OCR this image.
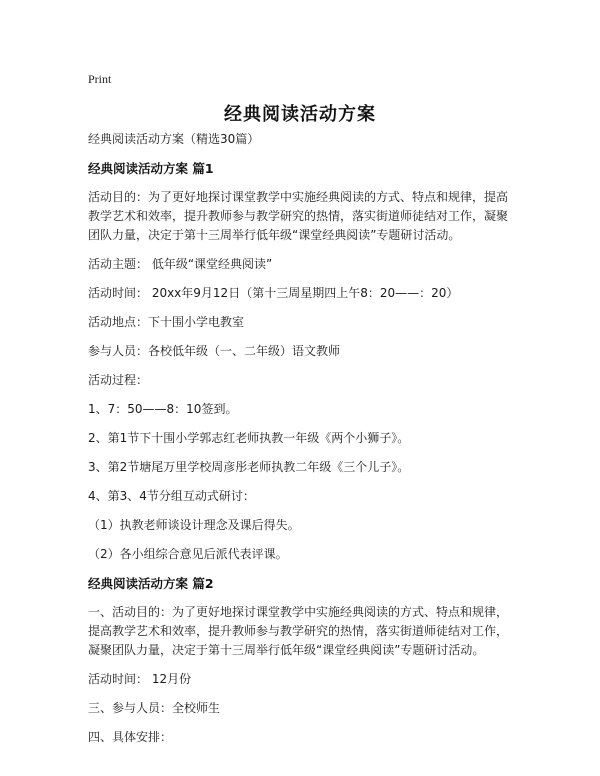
Print
经典阅读活动方案

经典阅读活动方案（精选30篇）

经典阅读活动方案 篇1

活动目的：为了更好地探讨课堂教学中实施经典阅读的方式、特点和规律，提高教学艺术和效率，提升教师参与教学研究的热情，落实街道师徒结对工作，凝聚团队力量，决定于第十三周举行低年级“课堂经典阅读”专题研讨活动。

活动主题： 低年级“课堂经典阅读”

活动时间： 20xx年9月12日（第十三周星期四上午8：20——：20）

活动地点：下十围小学电教室

参与人员：各校低年级（一、二年级）语文教师

活动过程：

1、7：50——8：10签到。

2、第1节下十围小学郭志红老师执教一年级《两个小狮子》。

3、第2节塘尾万里学校周彦彤老师执教二年级《三个儿子》。

4、第3、4节分组互动式研讨：

（1）执教老师谈设计理念及课后得失。

（2）各小组综合意见后派代表评课。

经典阅读活动方案 篇2

一、活动目的：为了更好地探讨课堂教学中实施经典阅读的方式、特点和规律，提高教学艺术和效率，提升教师参与教学研究的热情，落实街道师徒结对工作，凝聚团队力量，决定于第十三周举行低年级“课堂经典阅读”专题研讨活动。

活动时间： 12月份

三、参与人员：全校师生

四、具体安排：
